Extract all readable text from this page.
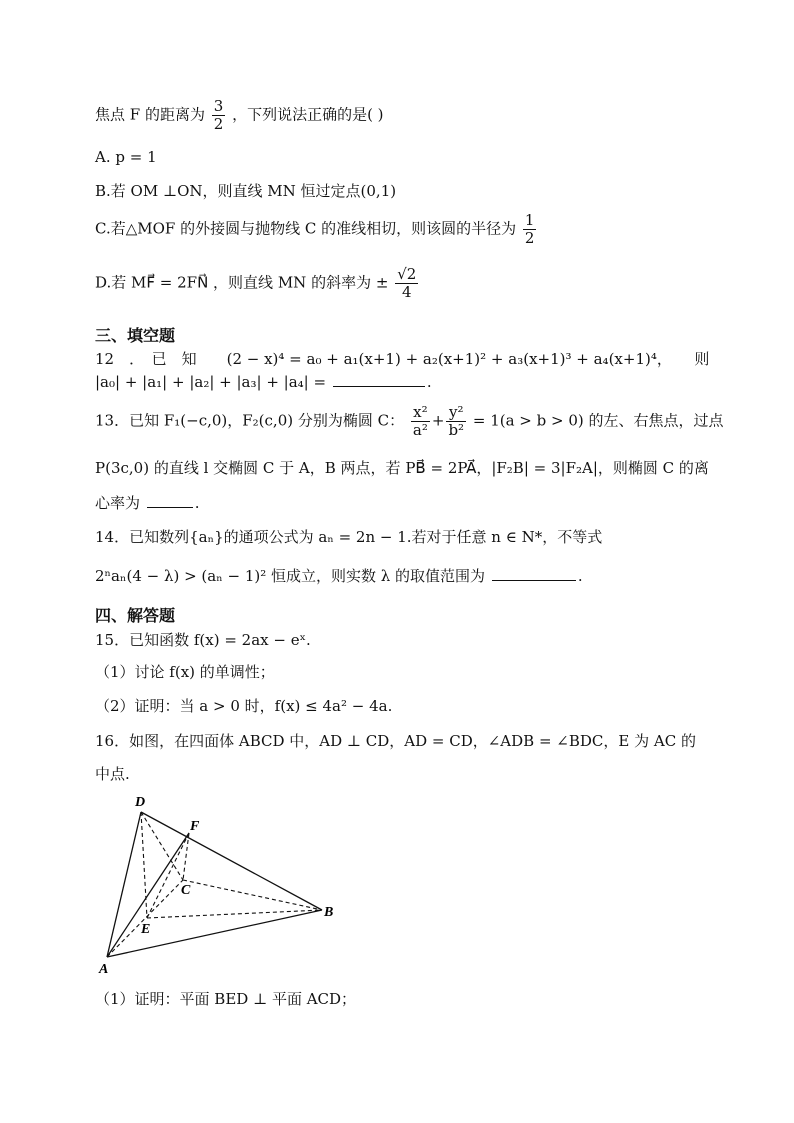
焦点 F 的距离为 $\frac{3}{2}$ ，下列说法正确的是( )
A. p = 1
B.若 OM ⊥ON，则直线 MN 恒过定点(0,1)
C.若△MOF 的外接圆与抛物线 C 的准线相切，则该圆的半径为 $\frac{1}{2}$
D.若 MF⃗ = 2FN⃗ ，则直线 MN 的斜率为 ± $\frac{√2}{4}$
三、填空题
12　．　已　知　　(2 − x)⁴ = a₀ + a₁(x+1) + a₂(x+1)² + a₃(x+1)³ + a₄(x+1)⁴，　　则
|a₀| + |a₁| + |a₂| + |a₃| + |a₄| =	.
13．已知 F₁(−c,0)，F₂(c,0) 分别为椭圆 C： $\frac{\text{x²}}{\text{a²}} + \frac{\text{y²}}{\text{b²}} = 1(a > b > 0)$ 的左、右焦点，过点
P(3c,0) 的直线 l 交椭圆 C 于 A，B 两点，若 PB⃗ = 2PA⃗，|F₂B| = 3|F₂A|，则椭圆 C 的离
心率为	.
14．已知数列{aₙ}的通项公式为 aₙ = 2n − 1.若对于任意 n ∈ N*，不等式
2ⁿaₙ(4 − λ) > (aₙ − 1)² 恒成立，则实数 λ 的取值范围为	.
四、解答题
15．已知函数 f(x) = 2ax − eˣ.
（1）讨论 f(x) 的单调性；
（2）证明：当 a > 0 时，f(x) ≤ 4a² − 4a.
16．如图，在四面体 ABCD 中，AD ⊥ CD，AD = CD，∠ADB = ∠BDC，E 为 AC 的
中点.
D
F
C
B
E
A
（1）证明：平面 BED ⊥ 平面 ACD；
